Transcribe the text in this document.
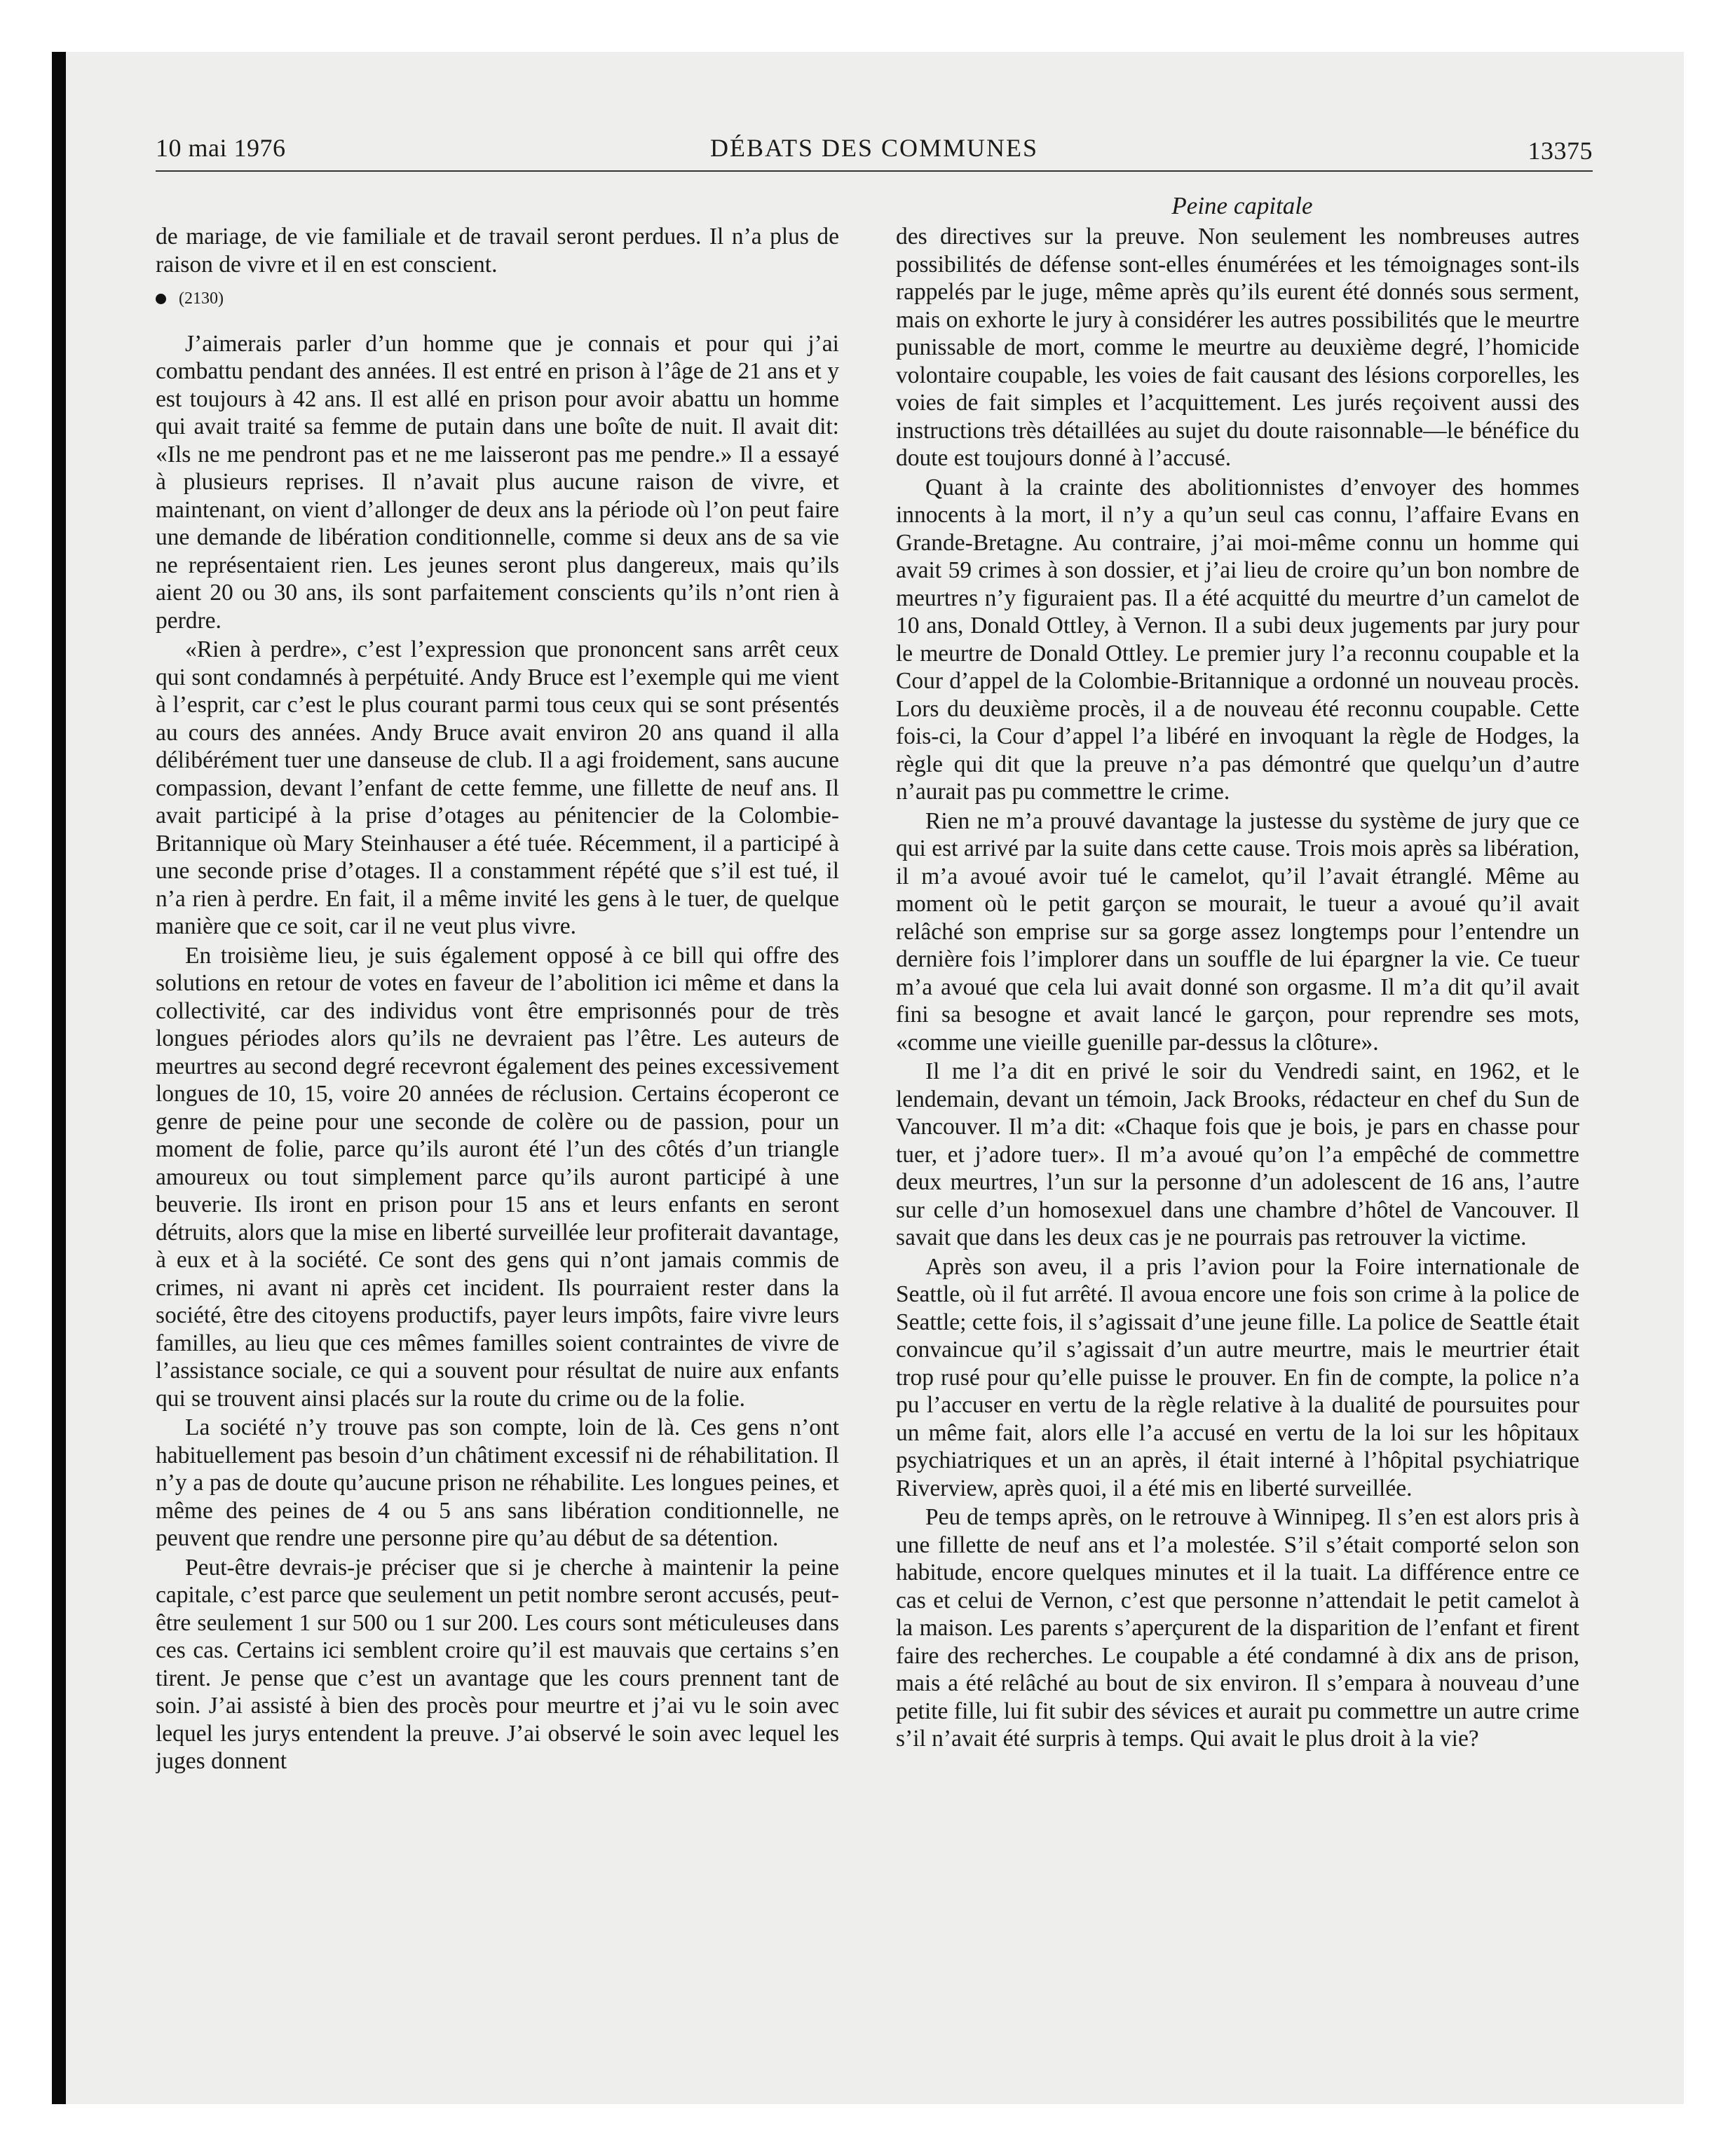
10 mai 1976	DÉBATS DES COMMUNES	13375
Peine capitale

de mariage, de vie familiale et de travail seront perdues. Il n’a plus de raison de vivre et il en est conscient.

(2130)

J’aimerais parler d’un homme que je connais et pour qui j’ai combattu pendant des années. Il est entré en prison à l’âge de 21 ans et y est toujours à 42 ans. Il est allé en prison pour avoir abattu un homme qui avait traité sa femme de putain dans une boîte de nuit. Il avait dit: «Ils ne me pendront pas et ne me laisseront pas me pendre.» Il a essayé à plusieurs reprises. Il n’avait plus aucune raison de vivre, et maintenant, on vient d’allonger de deux ans la période où l’on peut faire une demande de libération conditionnelle, comme si deux ans de sa vie ne représentaient rien. Les jeunes seront plus dangereux, mais qu’ils aient 20 ou 30 ans, ils sont parfaitement conscients qu’ils n’ont rien à perdre.

«Rien à perdre», c’est l’expression que prononcent sans arrêt ceux qui sont condamnés à perpétuité. Andy Bruce est l’exemple qui me vient à l’esprit, car c’est le plus courant parmi tous ceux qui se sont présentés au cours des années. Andy Bruce avait environ 20 ans quand il alla délibérément tuer une danseuse de club. Il a agi froidement, sans aucune compassion, devant l’enfant de cette femme, une fillette de neuf ans. Il avait participé à la prise d’otages au pénitencier de la Colombie-Britannique où Mary Steinhauser a été tuée. Récemment, il a participé à une seconde prise d’otages. Il a constamment répété que s’il est tué, il n’a rien à perdre. En fait, il a même invité les gens à le tuer, de quelque manière que ce soit, car il ne veut plus vivre.

En troisième lieu, je suis également opposé à ce bill qui offre des solutions en retour de votes en faveur de l’abolition ici même et dans la collectivité, car des individus vont être emprisonnés pour de très longues périodes alors qu’ils ne devraient pas l’être. Les auteurs de meurtres au second degré recevront également des peines excessivement longues de 10, 15, voire 20 années de réclusion. Certains écoperont ce genre de peine pour une seconde de colère ou de passion, pour un moment de folie, parce qu’ils auront été l’un des côtés d’un triangle amoureux ou tout simplement parce qu’ils auront participé à une beuverie. Ils iront en prison pour 15 ans et leurs enfants en seront détruits, alors que la mise en liberté surveillée leur profiterait davantage, à eux et à la société. Ce sont des gens qui n’ont jamais commis de crimes, ni avant ni après cet incident. Ils pourraient rester dans la société, être des citoyens productifs, payer leurs impôts, faire vivre leurs familles, au lieu que ces mêmes familles soient contraintes de vivre de l’assistance sociale, ce qui a souvent pour résultat de nuire aux enfants qui se trouvent ainsi placés sur la route du crime ou de la folie.

La société n’y trouve pas son compte, loin de là. Ces gens n’ont habituellement pas besoin d’un châtiment excessif ni de réhabilitation. Il n’y a pas de doute qu’aucune prison ne réhabilite. Les longues peines, et même des peines de 4 ou 5 ans sans libération conditionnelle, ne peuvent que rendre une personne pire qu’au début de sa détention.

Peut-être devrais-je préciser que si je cherche à maintenir la peine capitale, c’est parce que seulement un petit nombre seront accusés, peut-être seulement 1 sur 500 ou 1 sur 200. Les cours sont méticuleuses dans ces cas. Certains ici semblent croire qu’il est mauvais que certains s’en tirent. Je pense que c’est un avantage que les cours prennent tant de soin. J’ai assisté à bien des procès pour meurtre et j’ai vu le soin avec lequel les jurys entendent la preuve. J’ai observé le soin avec lequel les juges donnent

des directives sur la preuve. Non seulement les nombreuses autres possibilités de défense sont-elles énumérées et les témoignages sont-ils rappelés par le juge, même après qu’ils eurent été donnés sous serment, mais on exhorte le jury à considérer les autres possibilités que le meurtre punissable de mort, comme le meurtre au deuxième degré, l’homicide volontaire coupable, les voies de fait causant des lésions corporelles, les voies de fait simples et l’acquittement. Les jurés reçoivent aussi des instructions très détaillées au sujet du doute raisonnable—le bénéfice du doute est toujours donné à l’accusé.

Quant à la crainte des abolitionnistes d’envoyer des hommes innocents à la mort, il n’y a qu’un seul cas connu, l’affaire Evans en Grande-Bretagne. Au contraire, j’ai moi-même connu un homme qui avait 59 crimes à son dossier, et j’ai lieu de croire qu’un bon nombre de meurtres n’y figuraient pas. Il a été acquitté du meurtre d’un camelot de 10 ans, Donald Ottley, à Vernon. Il a subi deux jugements par jury pour le meurtre de Donald Ottley. Le premier jury l’a reconnu coupable et la Cour d’appel de la Colombie-Britannique a ordonné un nouveau procès. Lors du deuxième procès, il a de nouveau été reconnu coupable. Cette fois-ci, la Cour d’appel l’a libéré en invoquant la règle de Hodges, la règle qui dit que la preuve n’a pas démontré que quelqu’un d’autre n’aurait pas pu commettre le crime.

Rien ne m’a prouvé davantage la justesse du système de jury que ce qui est arrivé par la suite dans cette cause. Trois mois après sa libération, il m’a avoué avoir tué le camelot, qu’il l’avait étranglé. Même au moment où le petit garçon se mourait, le tueur a avoué qu’il avait relâché son emprise sur sa gorge assez longtemps pour l’entendre un dernière fois l’implorer dans un souffle de lui épargner la vie. Ce tueur m’a avoué que cela lui avait donné son orgasme. Il m’a dit qu’il avait fini sa besogne et avait lancé le garçon, pour reprendre ses mots, «comme une vieille guenille par-dessus la clôture».

Il me l’a dit en privé le soir du Vendredi saint, en 1962, et le lendemain, devant un témoin, Jack Brooks, rédacteur en chef du Sun de Vancouver. Il m’a dit: «Chaque fois que je bois, je pars en chasse pour tuer, et j’adore tuer». Il m’a avoué qu’on l’a empêché de commettre deux meurtres, l’un sur la personne d’un adolescent de 16 ans, l’autre sur celle d’un homosexuel dans une chambre d’hôtel de Vancouver. Il savait que dans les deux cas je ne pourrais pas retrouver la victime.

Après son aveu, il a pris l’avion pour la Foire internationale de Seattle, où il fut arrêté. Il avoua encore une fois son crime à la police de Seattle; cette fois, il s’agissait d’une jeune fille. La police de Seattle était convaincue qu’il s’agissait d’un autre meurtre, mais le meurtrier était trop rusé pour qu’elle puisse le prouver. En fin de compte, la police n’a pu l’accuser en vertu de la règle relative à la dualité de poursuites pour un même fait, alors elle l’a accusé en vertu de la loi sur les hôpitaux psychiatriques et un an après, il était interné à l’hôpital psychiatrique Riverview, après quoi, il a été mis en liberté surveillée.

Peu de temps après, on le retrouve à Winnipeg. Il s’en est alors pris à une fillette de neuf ans et l’a molestée. S’il s’était comporté selon son habitude, encore quelques minutes et il la tuait. La différence entre ce cas et celui de Vernon, c’est que personne n’attendait le petit camelot à la maison. Les parents s’aperçurent de la disparition de l’enfant et firent faire des recherches. Le coupable a été condamné à dix ans de prison, mais a été relâché au bout de six environ. Il s’empara à nouveau d’une petite fille, lui fit subir des sévices et aurait pu commettre un autre crime s’il n’avait été surpris à temps. Qui avait le plus droit à la vie?
